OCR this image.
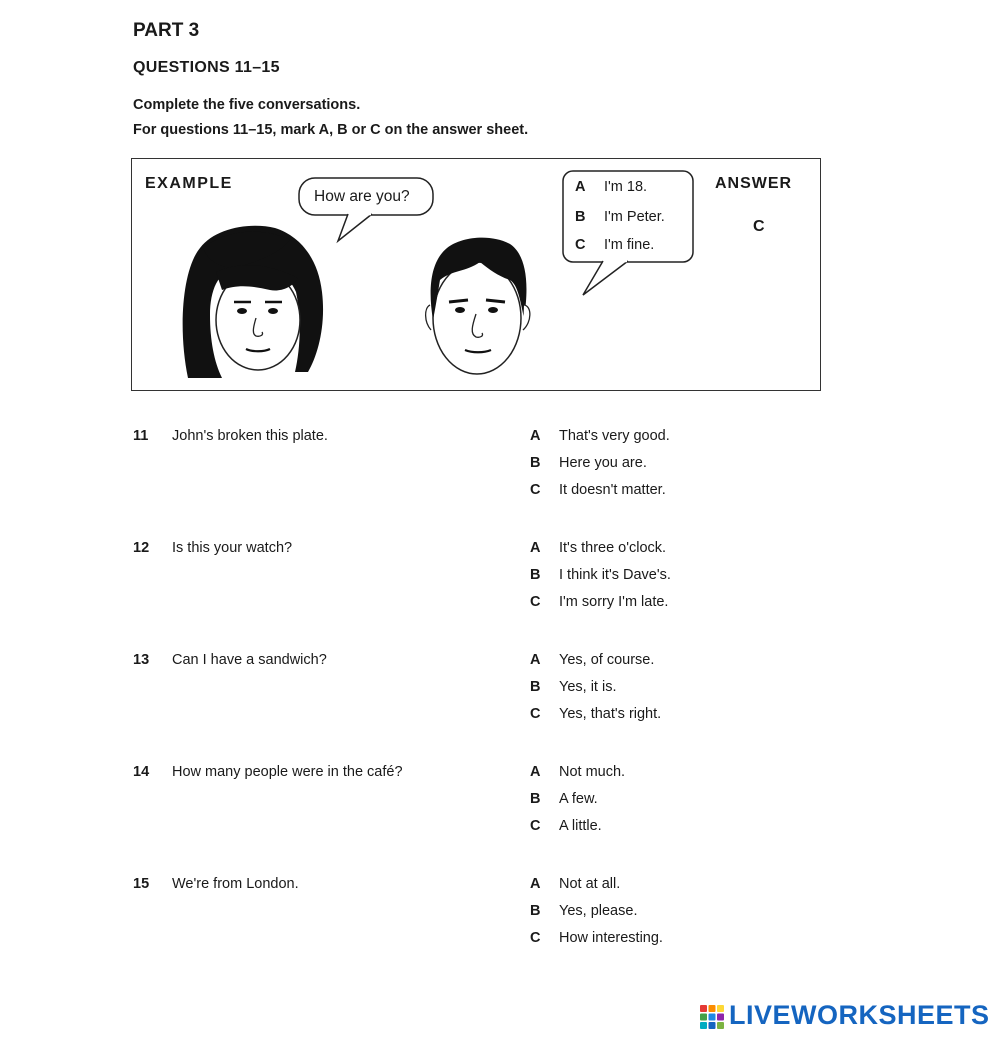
PART 3
QUESTIONS 11–15
Complete the five conversations.
For questions 11–15, mark A, B or C on the answer sheet.
EXAMPLE	ANSWER
C
How are you?
A I'm 18.
B I'm Peter.
C I'm fine.
11 John's broken this plate.	A That's very good.
B Here you are.
C It doesn't matter.
12 Is this your watch?	A It's three o'clock.
B I think it's Dave's.
C I'm sorry I'm late.
13 Can I have a sandwich?	A Yes, of course.
B Yes, it is.
C Yes, that's right.
14 How many people were in the café?	A Not much.
B A few.
C A little.
15 We're from London.	A Not at all.
B Yes, please.
C How interesting.
LIVEWORKSHEETS
